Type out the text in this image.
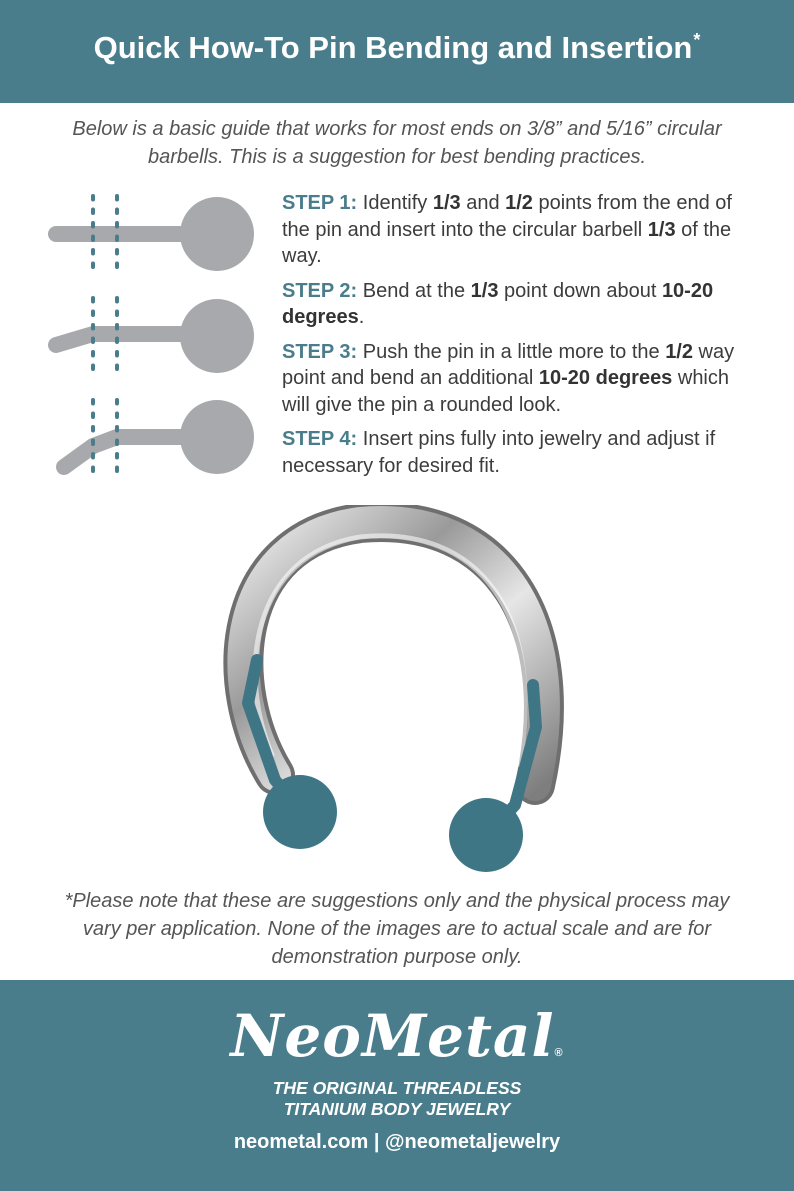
Quick How-To Pin Bending and Insertion*
Below is a basic guide that works for most ends on 3/8” and 5/16” circular barbells. This is a suggestion for best bending practices.
STEP 1: Identify 1/3 and 1/2 points from the end of the pin and insert into the circular barbell 1/3 of the way.
STEP 2: Bend at the 1/3 point down about 10-20 degrees.
STEP 3: Push the pin in a little more to the 1/2 way point and bend an additional 10-20 degrees which will give the pin a rounded look.
STEP 4: Insert pins fully into jewelry and adjust if necessary for desired fit.
*Please note that these are suggestions only and the physical process may vary per application. None of the images are to actual scale and are for demonstration purpose only.
NeoMetal®
THE ORIGINAL THREADLESS
TITANIUM BODY JEWELRY
neometal.com | @neometaljewelry
